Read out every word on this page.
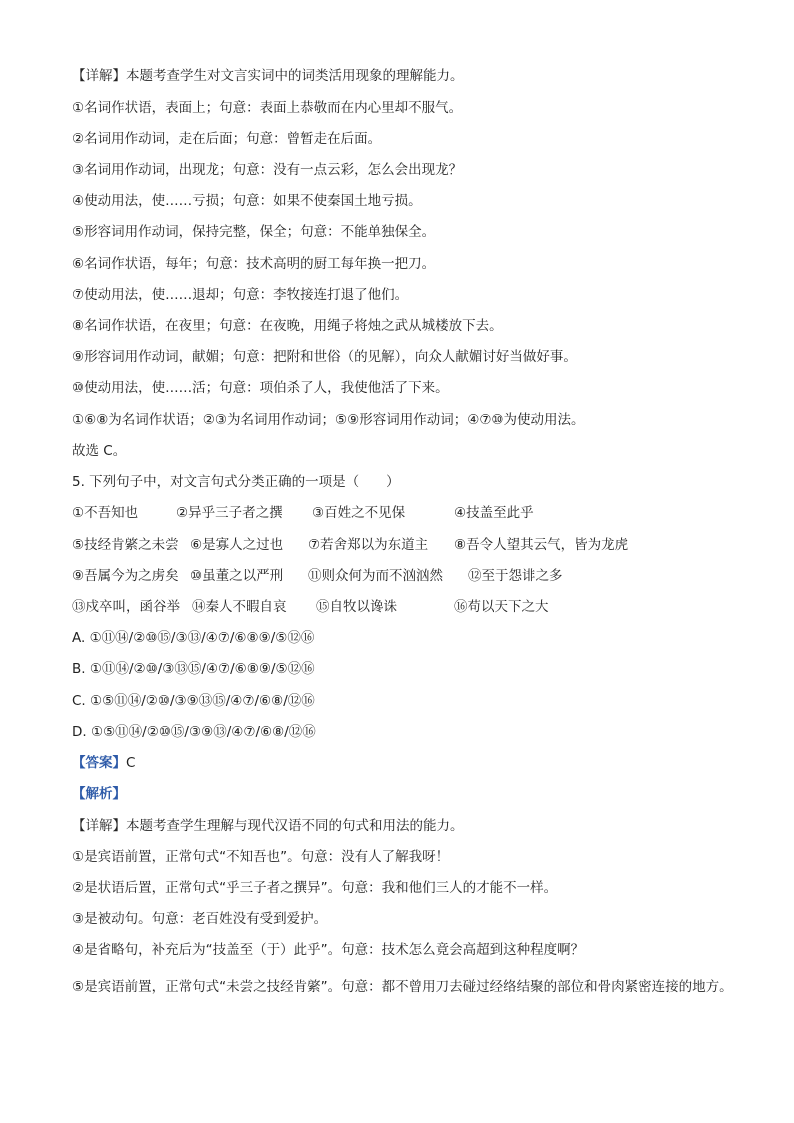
【详解】本题考查学生对文言实词中的词类活用现象的理解能力。
①名词作状语，表面上；句意：表面上恭敬而在内心里却不服气。
②名词用作动词，走在后面；句意：曾暂走在后面。
③名词用作动词，出现龙；句意：没有一点云彩，怎么会出现龙？
④使动用法，使……亏损；句意：如果不使秦国土地亏损。
⑤形容词用作动词，保持完整，保全；句意：不能单独保全。
⑥名词作状语，每年；句意：技术高明的厨工每年换一把刀。
⑦使动用法，使……退却；句意：李牧接连打退了他们。
⑧名词作状语，在夜里；句意：在夜晚，用绳子将烛之武从城楼放下去。
⑨形容词用作动词，献媚；句意：把附和世俗（的见解），向众人献媚讨好当做好事。
⑩使动用法，使……活；句意：项伯杀了人，我使他活了下来。
①⑥⑧为名词作状语；②③为名词用作动词；⑤⑨形容词用作动词；④⑦⑩为使动用法。
故选 C。
5. 下列句子中，对文言句式分类正确的一项是（　　）
①不吾知也	②异乎三子者之撰	③百姓之不见保	④技盖至此乎
⑤技经肯綮之未尝 ⑥是寡人之过也	⑦若舍郑以为东道主	⑧吾令人望其云气，皆为龙虎
⑨吾属今为之虏矣 ⑩虽董之以严刑	⑪则众何为而不汹汹然	⑫至于怨诽之多
⑬戍卒叫，函谷举 ⑭秦人不暇自哀	⑮自牧以谗诛	⑯苟以天下之大
A. ①⑪⑭/②⑩⑮/③⑬/④⑦/⑥⑧⑨/⑤⑫⑯
B. ①⑪⑭/②⑩/③⑬⑮/④⑦/⑥⑧⑨/⑤⑫⑯
C. ①⑤⑪⑭/②⑩/③⑨⑬⑮/④⑦/⑥⑧/⑫⑯
D. ①⑤⑪⑭/②⑩⑮/③⑨⑬/④⑦/⑥⑧/⑫⑯
【答案】C
【解析】
【详解】本题考查学生理解与现代汉语不同的句式和用法的能力。
①是宾语前置，正常句式“不知吾也”。句意：没有人了解我呀！
②是状语后置，正常句式“乎三子者之撰异”。句意：我和他们三人的才能不一样。
③是被动句。句意：老百姓没有受到爱护。
④是省略句，补充后为“技盖至（于）此乎”。句意：技术怎么竟会高超到这种程度啊？
⑤是宾语前置，正常句式“未尝之技经肯綮”。句意：都不曾用刀去碰过经络结聚的部位和骨肉紧密连接的地方。
